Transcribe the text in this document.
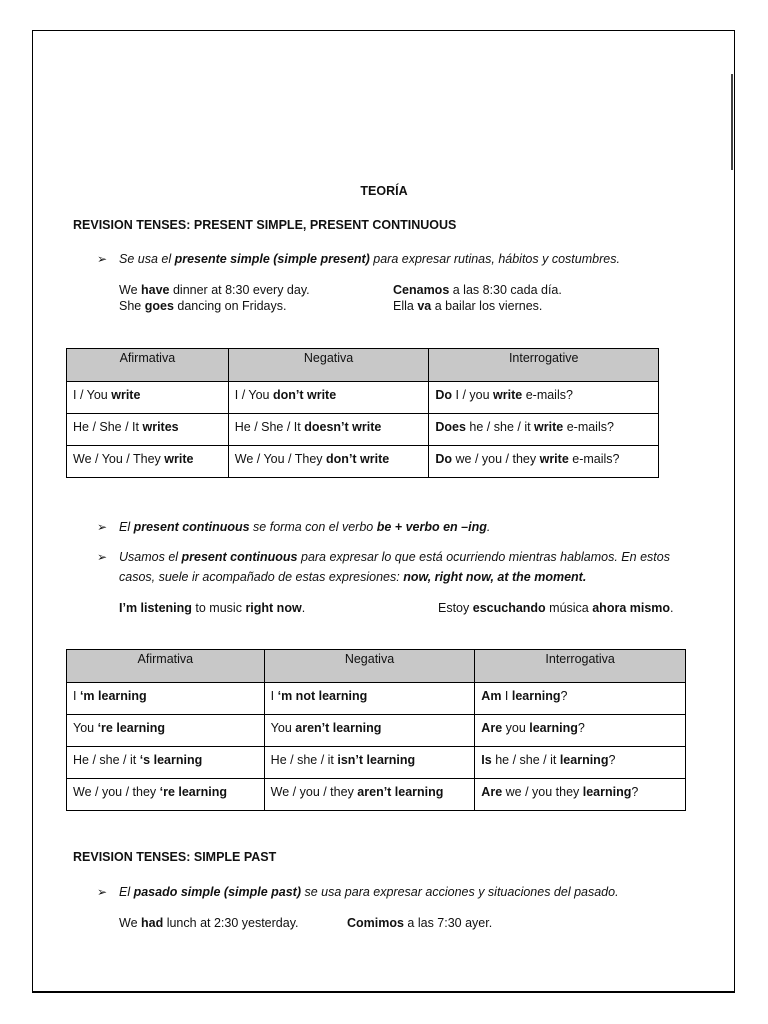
TEORÍA
REVISION TENSES: PRESENT SIMPLE, PRESENT CONTINUOUS
➢ Se usa el presente simple (simple present) para expresar rutinas, hábitos y costumbres.
We have dinner at 8:30 every day.	Cenamos a las 8:30 cada día.
She goes dancing on Fridays.	Ella va a bailar los viernes.
Afirmativa	Negativa	Interrogative
I / You write	I / You don’t write	Do I / you write e-mails?
He / She / It writes	He / She / It doesn’t write	Does he / she / it write e-mails?
We / You / They write	We / You / They don’t write	Do we / you / they write e-mails?
➢ El present continuous se forma con el verbo be + verbo en –ing.
➢ Usamos el present continuous para expresar lo que está ocurriendo mientras hablamos. En estos
casos, suele ir acompañado de estas expresiones: now, right now, at the moment.
I’m listening to music right now.	Estoy escuchando música ahora mismo.
Afirmativa	Negativa	Interrogativa
I ‘m learning	I ‘m not learning	Am I learning?
You ‘re learning	You aren’t learning	Are you learning?
He / she / it ‘s learning	He / she / it isn’t learning	Is he / she / it learning?
We / you / they ‘re learning	We / you / they aren’t learning	Are we / you they learning?
REVISION TENSES: SIMPLE PAST
➢ El pasado simple (simple past) se usa para expresar acciones y situaciones del pasado.
We had lunch at 2:30 yesterday.	Comimos a las 7:30 ayer.
